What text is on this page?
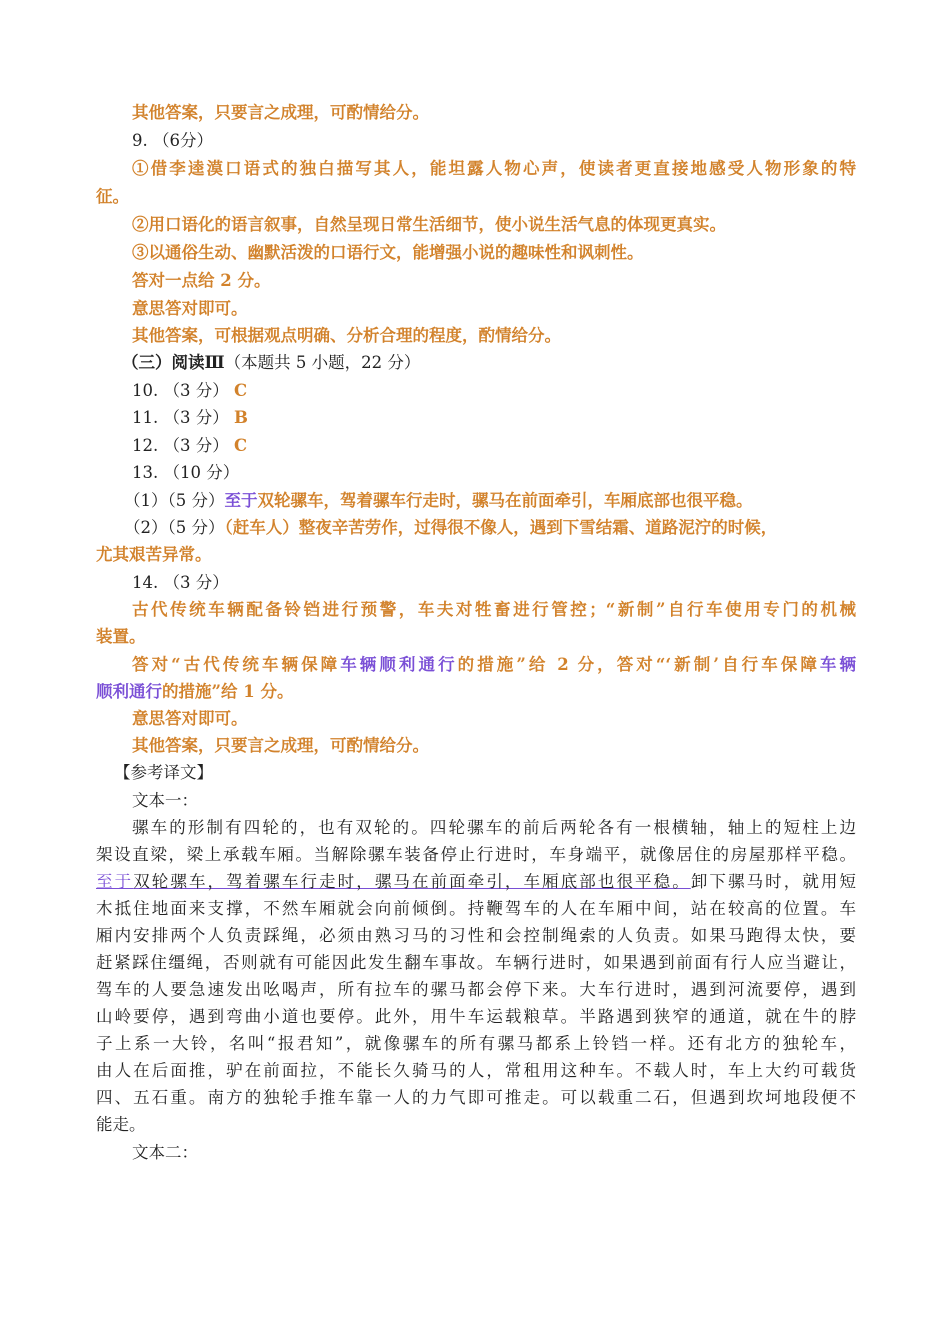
其他答案，只要言之成理，可酌情给分。
9. （6分）
①借李逵漠口语式的独白描写其人，能坦露人物心声，使读者更直接地感受人物形象的特
征。
②用口语化的语言叙事，自然呈现日常生活细节，使小说生活气息的体现更真实。
③以通俗生动、幽默活泼的口语行文，能增强小说的趣味性和讽刺性。
答对一点给 2 分。
意思答对即可。
其他答案，可根据观点明确、分析合理的程度，酌情给分。
（三）阅读Ⅲ（本题共 5 小题，22 分）
10. （3 分） C
11. （3 分） B
12. （3 分） C
13. （10 分）
（1）（5 分）至于双轮骡车，驾着骡车行走时，骡马在前面牵引，车厢底部也很平稳。
（2）（5 分）（赶车人）整夜辛苦劳作，过得很不像人，遇到下雪结霜、道路泥泞的时候，
尤其艰苦异常。
14. （3 分）
古代传统车辆配备铃铛进行预警，车夫对牲畜进行管控；“新制”自行车使用专门的机械
装置。
答对“古代传统车辆保障车辆顺利通行的措施”给 2 分，答对“‘新制’自行车保障车辆
顺利通行的措施”给 1 分。
意思答对即可。
其他答案，只要言之成理，可酌情给分。
【参考译文】
文本一：
骡车的形制有四轮的，也有双轮的。四轮骡车的前后两轮各有一根横轴，轴上的短柱上边
架设直梁，梁上承载车厢。当解除骡车装备停止行进时，车身端平，就像居住的房屋那样平稳。
至于双轮骡车，驾着骡车行走时，骡马在前面牵引，车厢底部也很平稳。卸下骡马时，就用短
木抵住地面来支撑，不然车厢就会向前倾倒。持鞭驾车的人在车厢中间，站在较高的位置。车
厢内安排两个人负责踩绳，必须由熟习马的习性和会控制绳索的人负责。如果马跑得太快，要
赶紧踩住缰绳，否则就有可能因此发生翻车事故。车辆行进时，如果遇到前面有行人应当避让，
驾车的人要急速发出吆喝声，所有拉车的骡马都会停下来。大车行进时，遇到河流要停，遇到
山岭要停，遇到弯曲小道也要停。此外，用牛车运载粮草。半路遇到狭窄的通道，就在牛的脖
子上系一大铃，名叫“报君知”，就像骡车的所有骡马都系上铃铛一样。还有北方的独轮车，
由人在后面推，驴在前面拉，不能长久骑马的人，常租用这种车。不载人时，车上大约可载货
四、五石重。南方的独轮手推车靠一人的力气即可推走。可以载重二石，但遇到坎坷地段便不
能走。
文本二：
